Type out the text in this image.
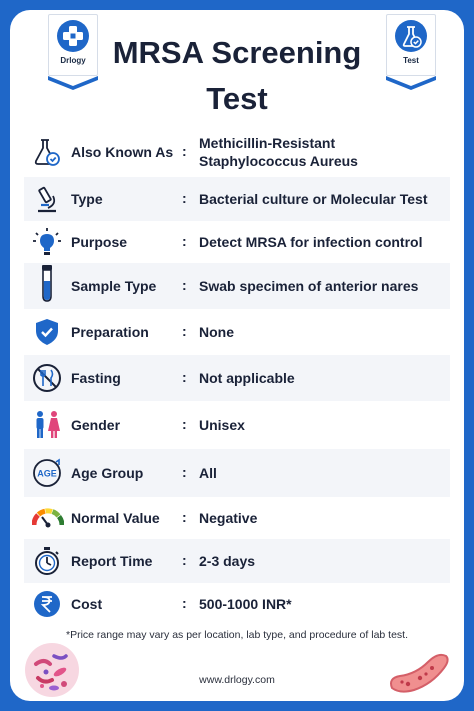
Drlogy	Test
MRSA Screening Test
Also Known As : Methicillin-Resistant Staphylococcus Aureus
Type	: Bacterial culture or Molecular Test
Purpose	: Detect MRSA for infection control
Sample Type : Swab specimen of anterior nares
Preparation : None
Fasting	: Not applicable
Gender	: Unisex
AGE Age Group	: All
Normal Value : Negative
Report Time : 2-3 days
Cost	: 500-1000 INR*
*Price range may vary as per location, lab type, and procedure of lab test.
www.drlogy.com
